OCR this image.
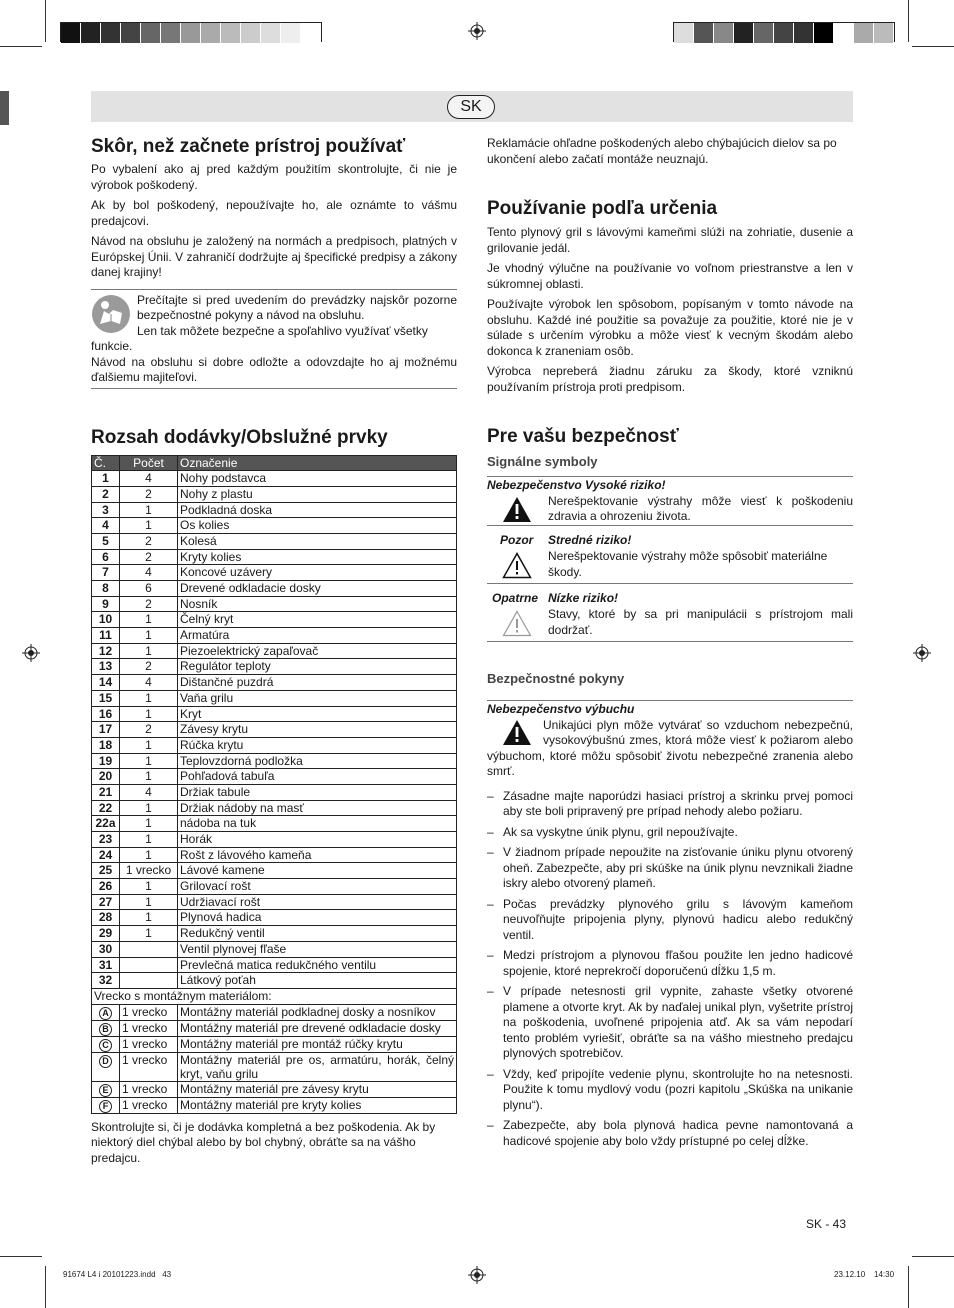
SK
Skôr, než začnete prístroj používať

Po vybalení ako aj pred každým použitím skontrolujte, či nie je výrobok poškodený.

Ak by bol poškodený, nepoužívajte ho, ale oznámte to vášmu predajcovi.

Návod na obsluhu je založený na normách a predpisoch, platných v Európskej Únii. V zahraničí dodržujte aj špecifické predpisy a zákony danej krajiny!

Prečítajte si pred uvedením do prevádzky najskôr pozorne bezpečnostné pokyny a návod na obsluhu.

Len tak môžete bezpečne a spoľahlivo využívať všetky funkcie.

Návod na obsluhu si dobre odložte a odovzdajte ho aj možnému ďalšiemu majiteľovi.

Rozsah dodávky/Obslužné prvky
Č.	Počet	Označenie
1	4	Nohy podstavca
2	2	Nohy z plastu
3	1	Podkladná doska
4	1	Os kolies
5	2	Kolesá
6	2	Kryty kolies
7	4	Koncové uzávery
8	6	Drevené odkladacie dosky
9	2	Nosník
10	1	Čelný kryt
11	1	Armatúra
12	1	Piezoelektrický zapaľovač
13	2	Regulátor teploty
14	4	Dištančné puzdrá
15	1	Vaňa grilu
16	1	Kryt
17	2	Závesy krytu
18	1	Rúčka krytu
19	1	Teplovzdorná podložka
20	1	Pohľadová tabuľa
21	4	Držiak tabule
22	1	Držiak nádoby na masť
22a	1	nádoba na tuk
23	1	Horák
24	1	Rošt z lávového kameňa
25	1 vrecko	Lávové kamene
26	1	Grilovací rošt
27	1	Udržiavací rošt
28	1	Plynová hadica
29	1	Redukčný ventil
30		Ventil plynovej fľaše
31		Prevlečná matica redukčného ventilu
32		Látkový poťah
Vrecko s montážnym materiálom:		
A	1 vrecko	Montážny materiál podkladnej dosky a nosníkov
B	1 vrecko	Montážny materiál pre drevené odkladacie dosky
C	1 vrecko	Montážny materiál pre montáž rúčky krytu
D	1 vrecko	Montážny materiál pre os, armatúru, horák, čelný kryt, vaňu grilu
E	1 vrecko	Montážny materiál pre závesy krytu
F	1 vrecko	Montážny materiál pre kryty kolies

Skontrolujte si, či je dodávka kompletná a bez poškodenia. Ak by niektorý diel chýbal alebo by bol chybný, obráťte sa na vášho predajcu.

Reklamácie ohľadne poškodených alebo chýbajúcich dielov sa po ukončení alebo začatí montáže neuznajú.

Používanie podľa určenia

Tento plynový gril s lávovými kameňmi slúži na zohriatie, dusenie a grilovanie jedál.

Je vhodný výlučne na používanie vo voľnom priestranstve a len v súkromnej oblasti.

Používajte výrobok len spôsobom, popísaným v tomto návode na obsluhu. Každé iné použitie sa považuje za použitie, ktoré nie je v súlade s určením výrobku a môže viesť k vecným škodám alebo dokonca k zraneniam osôb.

Výrobca nepreberá žiadnu záruku za škody, ktoré vzniknú používaním prístroja proti predpisom.

Pre vašu bezpečnosť
Signálne symboly
Nebezpečenstvo Vysoké riziko!
Nerešpektovanie výstrahy môže viesť k poškodeniu zdravia a ohrozeniu života.
Pozor Stredné riziko!
Nerešpektovanie výstrahy môže spôsobiť materiálne škody.
Opatrne Nízke riziko!
Stavy, ktoré by sa pri manipulácii s prístrojom mali dodržať.
Bezpečnostné pokyny
Nebezpečenstvo výbuchu

Unikajúci plyn môže vytvárať so vzduchom nebezpečnú, vysokovýbušnú zmes, ktorá môže viesť k požiarom alebo výbuchom, ktoré môžu spôsobiť životu nebezpečné zranenia alebo smrť.

– Zásadne majte naporúdzi hasiaci prístroj a skrinku prvej pomoci aby ste boli pripravený pre prípad nehody alebo požiaru.
– Ak sa vyskytne únik plynu, gril nepoužívajte.
– V žiadnom prípade nepoužite na zisťovanie úniku plynu otvorený oheň. Zabezpečte, aby pri skúške na únik plynu nevznikali žiadne iskry alebo otvorený plameň.
– Počas prevádzky plynového grilu s lávovým kameňom neuvoľňujte pripojenia plyny, plynovú hadicu alebo redukčný ventil.
– Medzi prístrojom a plynovou fľašou použite len jedno hadicové spojenie, ktoré neprekročí doporučenú dĺžku 1,5 m.
– V prípade netesnosti gril vypnite, zahaste všetky otvorené plamene a otvorte kryt. Ak by naďalej unikal plyn, vyšetrite prístroj na poškodenia, uvoľnené pripojenia atď. Ak sa vám nepodarí tento problém vyriešiť, obráťte sa na vášho miestneho predajcu plynových spotrebičov.
– Vždy, keď pripojíte vedenie plynu, skontrolujte ho na netesnosti. Použite k tomu mydlový vodu (pozri kapitolu „Skúška na unikanie plynu“).
– Zabezpečte, aby bola plynová hadica pevne namontovaná a hadicové spojenie aby bolo vždy prístupné po celej dĺžke.
SK - 43
91674 L4 i 20101223.indd   43	23.12.10    14:30
